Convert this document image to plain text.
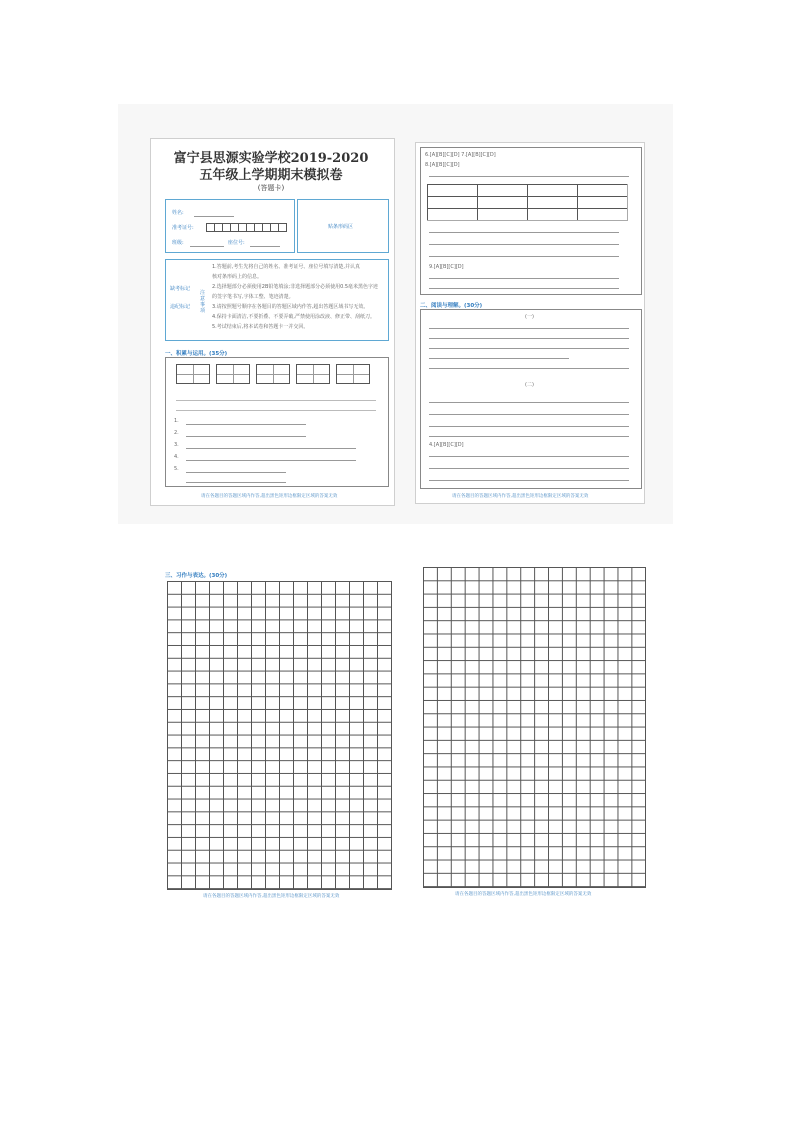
富宁县思源实验学校2019-2020
五年级上学期期末模拟卷
(答题卡)
姓名:
准考证号:
班级:	座位号:
贴条形码区
缺考标记
违纪标记
注意事项
1.答题前,考生先将自己的姓名、准考证号、座位号填写清楚,并认真
核对条形码上的信息。
2.选择题部分必须使用2B铅笔填涂;非选择题部分必须使用0.5毫米黑色字迹
的签字笔书写,字体工整、笔迹清楚。
3.请按照题号顺序在各题目的答题区域内作答,超出答题区域书写无效。
4.保持卡面清洁,不要折叠、不要弄破,严禁使用涂改液、修正带、刮纸刀。
5.考试结束后,将本试卷和答题卡一并交回。
一、积累与运用。(35分)
1.
2.
3.
4.
5.
请在各题目的答题区域内作答,超出黑色矩形边框限定区域的答案无效
6.[A][B][C][D] 7.[A][B][C][D]
8.[A][B][C][D]
9.[A][B][C][D]
二、阅读与理解。(30分)
(一)
(二)
4.[A][B][C][D]
请在各题目的答题区域内作答,超出黑色矩形边框限定区域的答案无效
三、习作与表达。(30分)
请在各题目的答题区域内作答,超出黑色矩形边框限定区域的答案无效	请在各题目的答题区域内作答,超出黑色矩形边框限定区域的答案无效
